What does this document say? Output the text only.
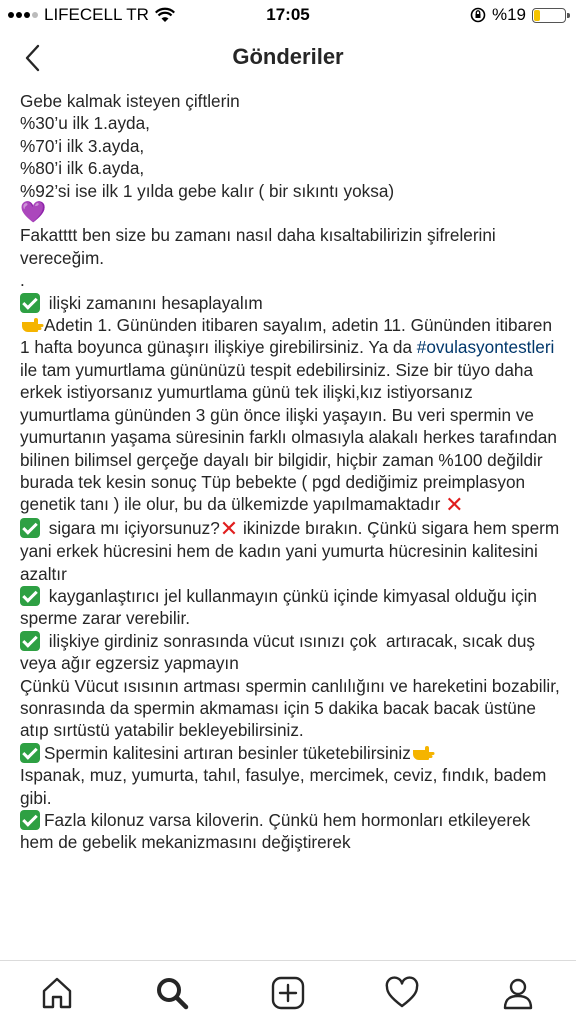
LIFECELL TR	17:05	%19
Gönderiler

Gebe kalmak isteyen çiftlerin

%30’u ilk 1.ayda,

%70’i ilk 3.ayda,

%80’i ilk 6.ayda,

%92’si ise ilk 1 yılda gebe kalır ( bir sıkıntı yoksa)

💜

Fakatttt ben size bu zamanı nasıl daha kısaltabilirizin şifrelerini vereceğim.

.

ilişki zamanını hesaplayalım

Adetin 1. Gününden itibaren sayalım, adetin 11. Gününden itibaren 1 hafta boyunca günaşırı ilişkiye girebilirsiniz. Ya da #ovulasyontestleri ile tam yumurtlama gününüzü tespit edebilirsiniz. Size bir tüyo daha erkek istiyorsanız yumurtlama günü tek ilişki,kız istiyorsanız yumurtlama gününden 3 gün önce ilişki yaşayın. Bu veri spermin ve yumurtanın yaşama süresinin farklı olmasıyla alakalı herkes tarafından bilinen bilimsel gerçeğe dayalı bir bilgidir, hiçbir zaman %100 değildir burada tek kesin sonuç Tüp bebekte ( pgd dediğimiz preimplasyon genetik tanı ) ile olur, bu da ülkemizde yapılmamaktadır ✕

sigara mı içiyorsunuz?✕ ikinizde bırakın. Çünkü sigara hem sperm yani erkek hücresini hem de kadın yani yumurta hücresinin kalitesini azaltır

kayganlaştırıcı jel kullanmayın çünkü içinde kimyasal olduğu için sperme zarar verebilir.

ilişkiye girdiniz sonrasında vücut ısınızı çok  artıracak, sıcak duş veya ağır egzersiz yapmayın

Çünkü Vücut ısısının artması spermin canlılığını ve hareketini bozabilir, sonrasında da spermin akmaması için 5 dakika bacak bacak üstüne atıp sırtüstü yatabilir bekleyebilirsiniz.

Spermin kalitesini artıran besinler tüketebilirsiniz
Ispanak, muz, yumurta, tahıl, fasulye, mercimek, ceviz, fındık, badem gibi.

Fazla kilonuz varsa kiloverin. Çünkü hem hormonları etkileyerek hem de gebelik mekanizmasını değiştirerek
